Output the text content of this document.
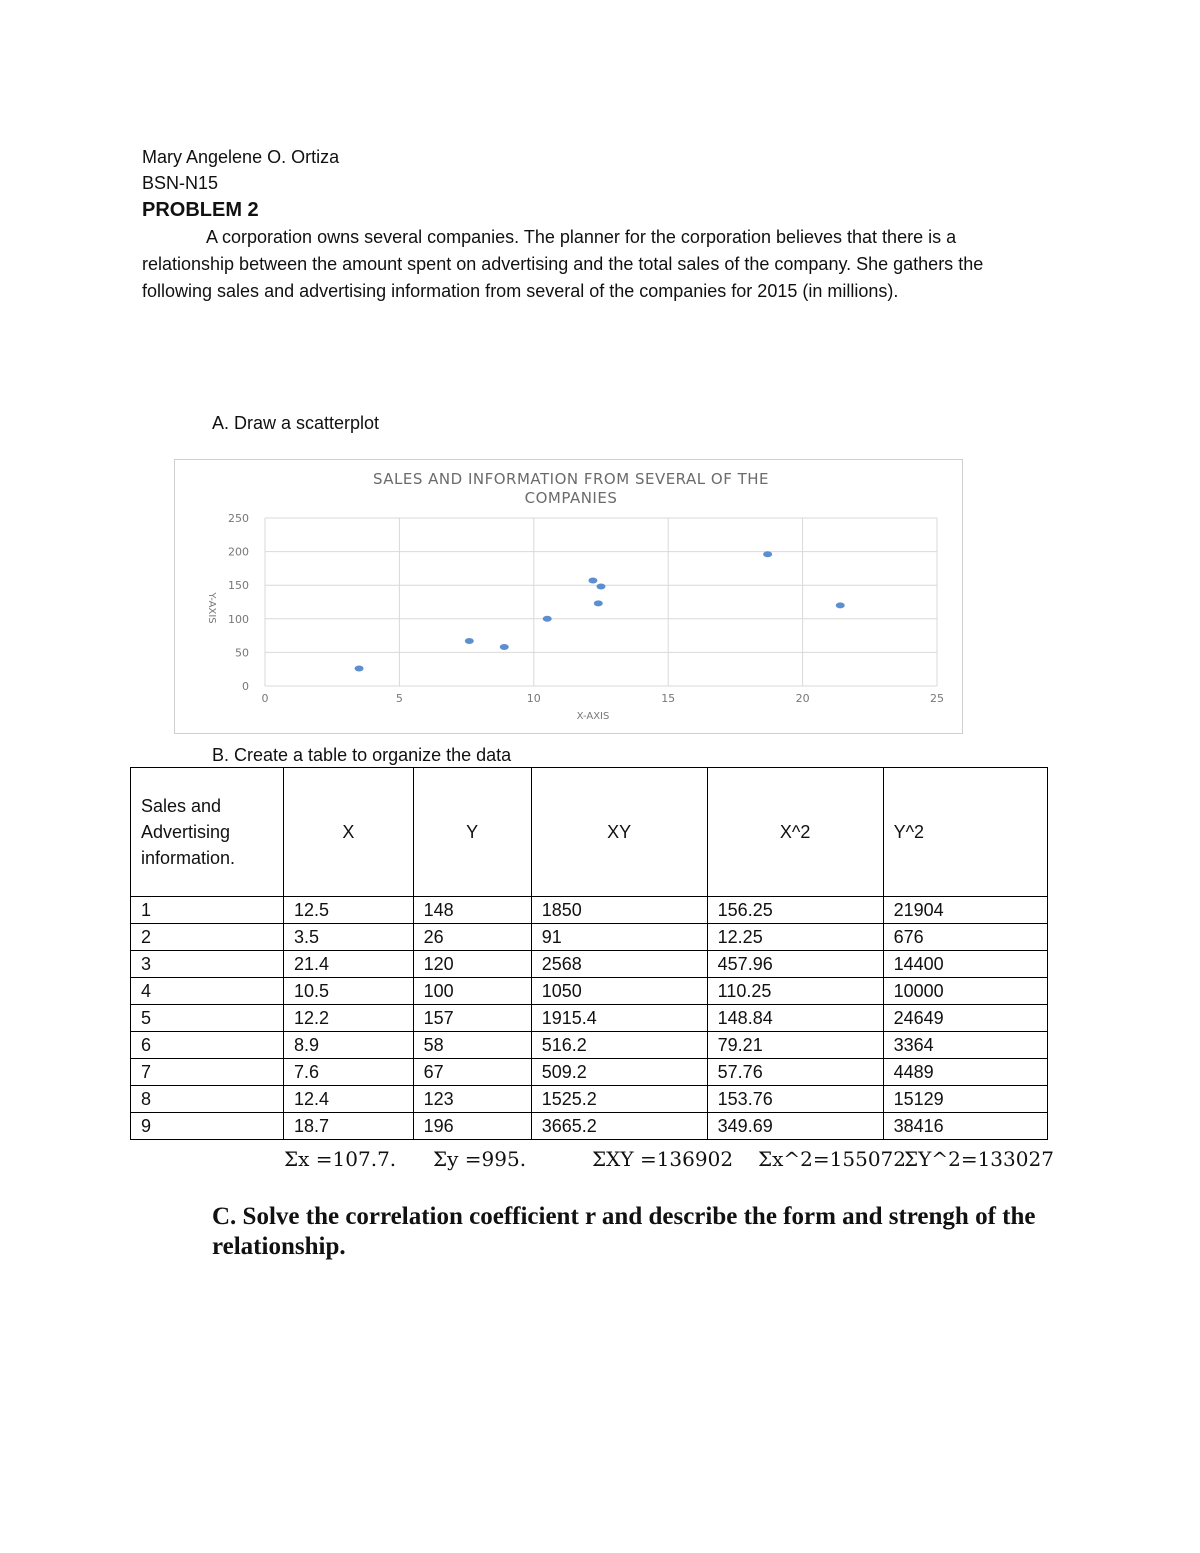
Mary Angelene O. Ortiza
BSN-N15
PROBLEM 2
A corporation owns several companies. The planner for the corporation believes that there is a relationship between the amount spent on advertising and the total sales of the company. She gathers the following sales and advertising information from several of the companies for 2015 (in millions).
A. Draw a scatterplot
SALES AND INFORMATION FROM SEVERAL OF THE
COMPANIES
0
50
100
150
200
250
0	5	10	15	20	25
X-AXIS
Y-AXIS
B. Create a table to organize the data
Sales and
Advertising
information.	X	Y	XY	X^2	Y^2
1	12.5	148	1850	156.25	21904
2	3.5	26	91	12.25	676
3	21.4	120	2568	457.96	14400
4	10.5	100	1050	110.25	10000
5	12.2	157	1915.4	148.84	24649
6	8.9	58	516.2	79.21	3364
7	7.6	67	509.2	57.76	4489
8	12.4	123	1525.2	153.76	15129
9	18.7	196	3665.2	349.69	38416
Σx =107.7. Σy =995.	ΣXY =136902 Σx^2=155072
ΣY^2=133027
C. Solve the correlation coefficient r and describe the form and strengh of the relationship.
